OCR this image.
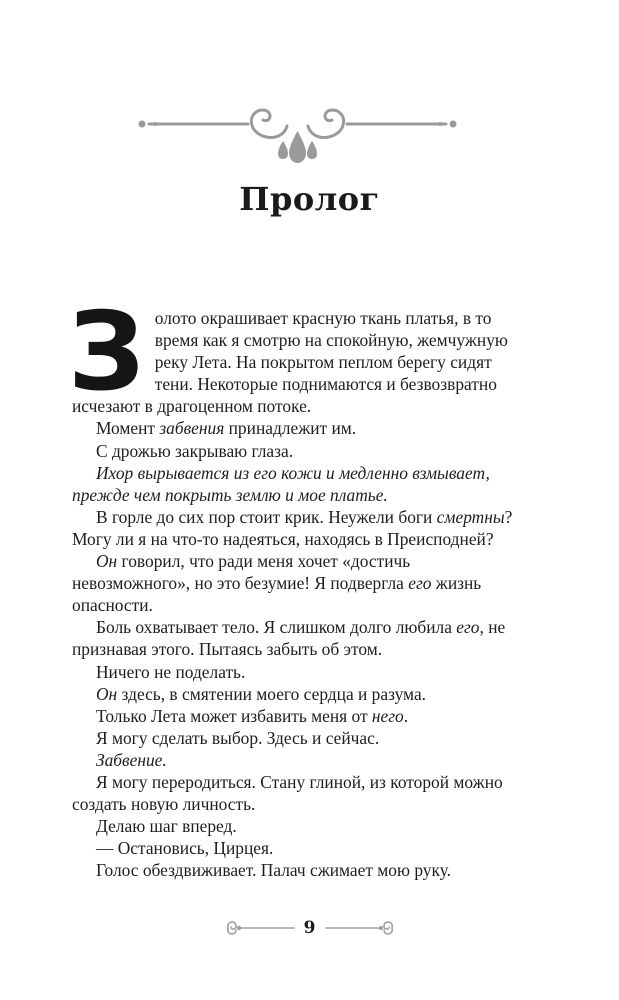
Пролог

Золото окрашивает красную ткань платья, в то время как я смотрю на спокойную, жемчужную реку Лета. На покрытом пеплом берегу сидят тени. Некоторые поднимаются и безвозвратно исчезают в драгоценном потоке.

Момент забвения принадлежит им.

С дрожью закрываю глаза.

Ихор вырывается из его кожи и медленно взмывает, прежде чем покрыть землю и мое платье.

В горле до сих пор стоит крик. Неужели боги смертны? Могу ли я на что-то надеяться, находясь в Преисподней?

Он говорил, что ради меня хочет «достичь невозможного», но это безумие! Я подвергла его жизнь опасности.

Боль охватывает тело. Я слишком долго любила его, не признавая этого. Пытаясь забыть об этом.

Ничего не поделать.

Он здесь, в смятении моего сердца и разума.

Только Лета может избавить меня от него.

Я могу сделать выбор. Здесь и сейчас.

Забвение.

Я могу переродиться. Стану глиной, из которой можно создать новую личность.

Делаю шаг вперед.

— Остановись, Цирцея.

Голос обездвиживает. Палач сжимает мою руку.

9
